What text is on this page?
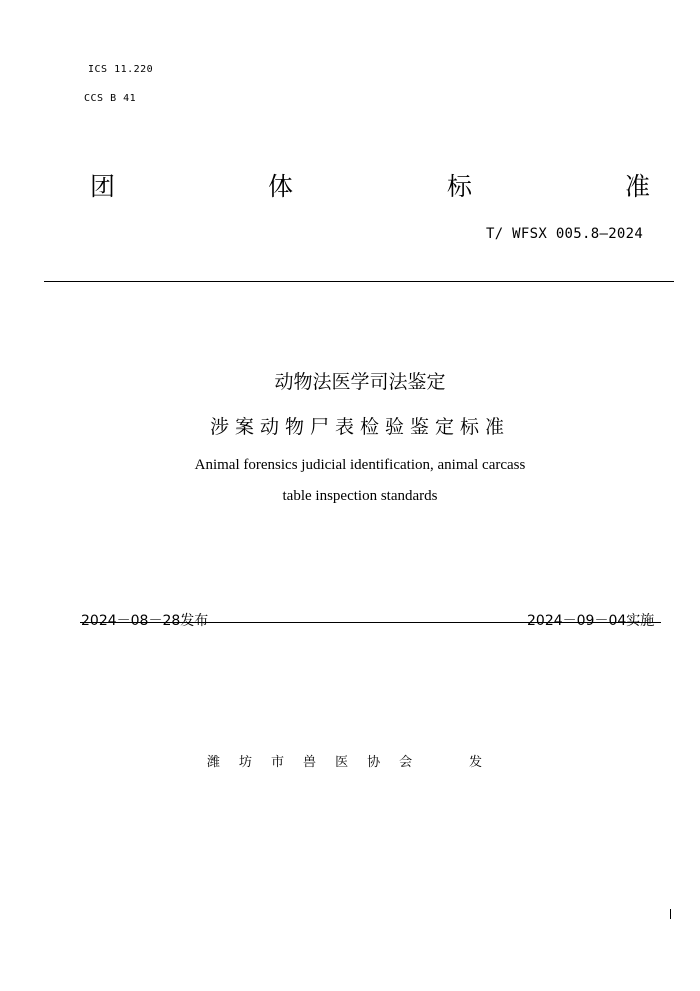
ICS 11.220
CCS B 41
团	体	标	准
T/ WFSX 005.8—2024
动物法医学司法鉴定
涉案动物尸表检验鉴定标准
Animal forensics judicial identification, animal carcass
table inspection standards
2024－08－28发布	2024－09－04实施
潍 坊 市 兽 医 协 会	发
